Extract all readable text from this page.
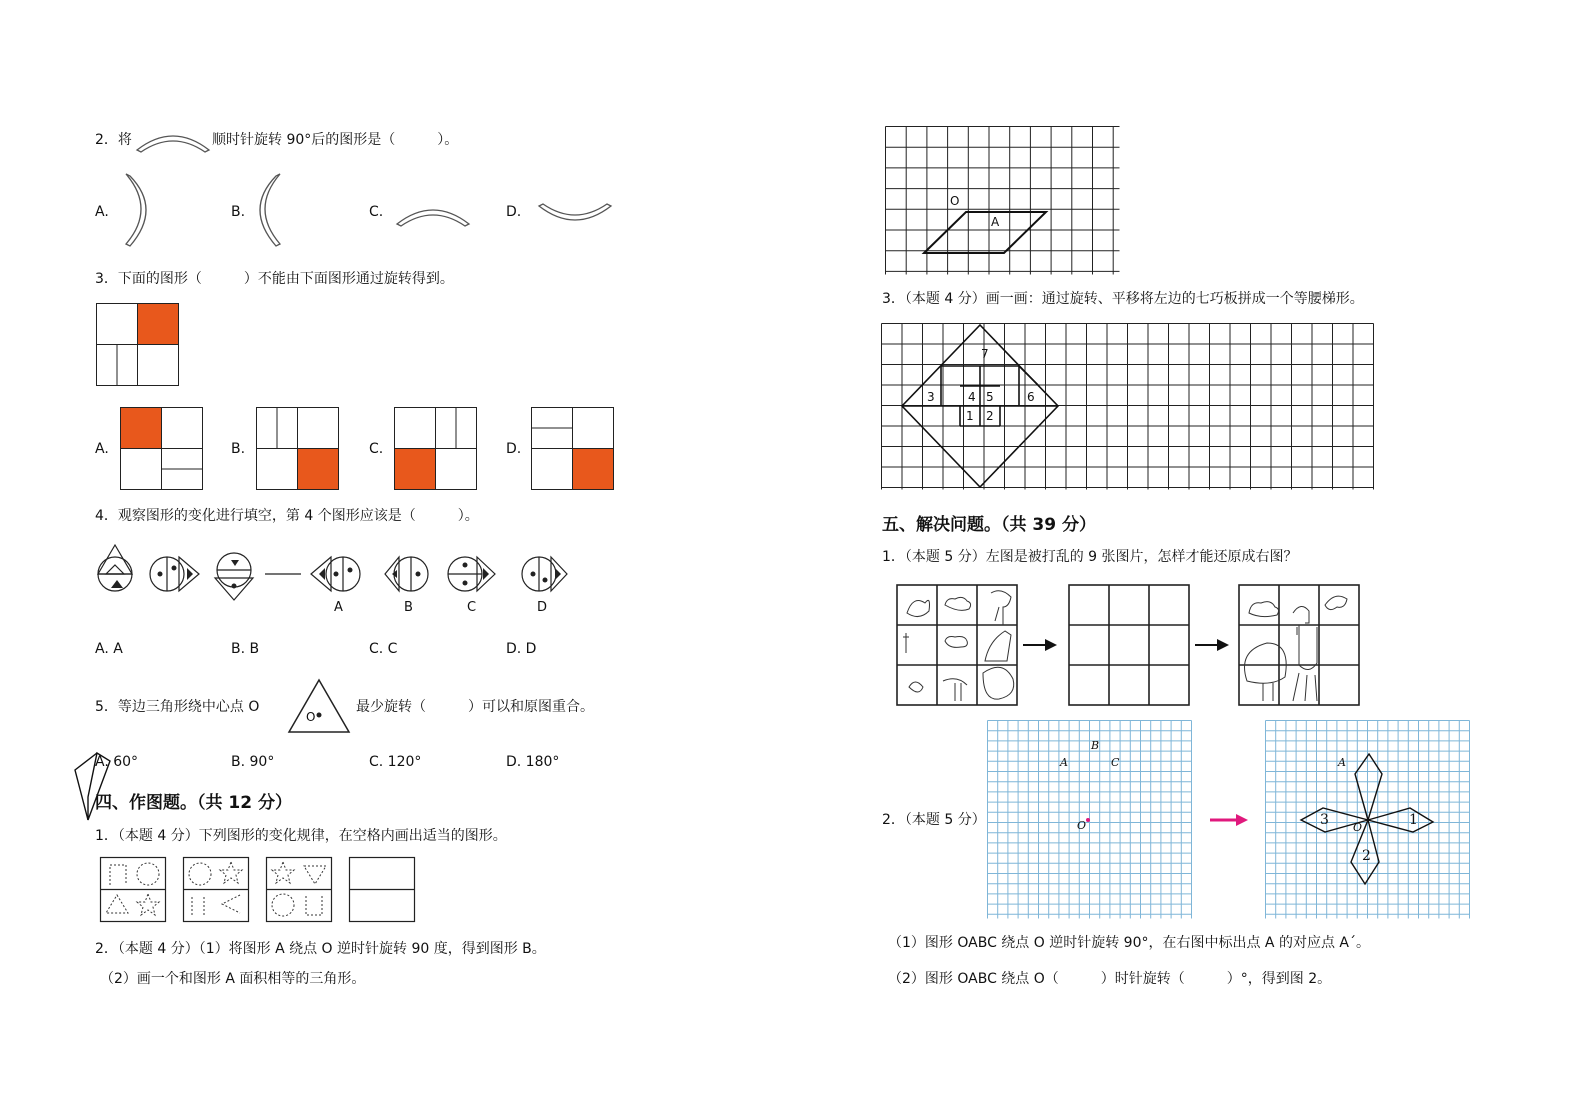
2．将	顺时针旋转 90°后的图形是（　　　）。
A.	B.	C.	D.
3．下面的图形（　　　）不能由下面图形通过旋转得到。
A.	B.	C.	D.
4．观察图形的变化进行填空，第 4 个图形应该是（　　　）。
A	B	C	D
A. A	B. B	C. C	D. D
5．等边三角形绕中心点 O
O
最少旋转（　　　）可以和原图重合。
A. 60°	B. 90°	C. 120°	D. 180°
四、作图题。（共 12 分）
1．（本题 4 分）下列图形的变化规律，在空格内画出适当的图形。
2．（本题 4 分）（1）将图形 A 绕点 O 逆时针旋转 90 度，得到图形 B。
（2）画一个和图形 A 面积相等的三角形。
O
A
3．（本题 4 分）画一画：通过旋转、平移将左边的七巧板拼成一个等腰梯形。
7
3	4 5	6
1 2
五、解决问题。（共 39 分）
1．（本题 5 分）左图是被打乱的 9 张图片，怎样才能还原成右图？
2．（本题 5 分）
A
B
C
O
A
O	1
2
3
（1）图形 OABC 绕点 O 逆时针旋转 90°，在右图中标出点 A 的对应点 A´。
（2）图形 OABC 绕点 O（　　　）时针旋转（　　　）°，得到图 2。
